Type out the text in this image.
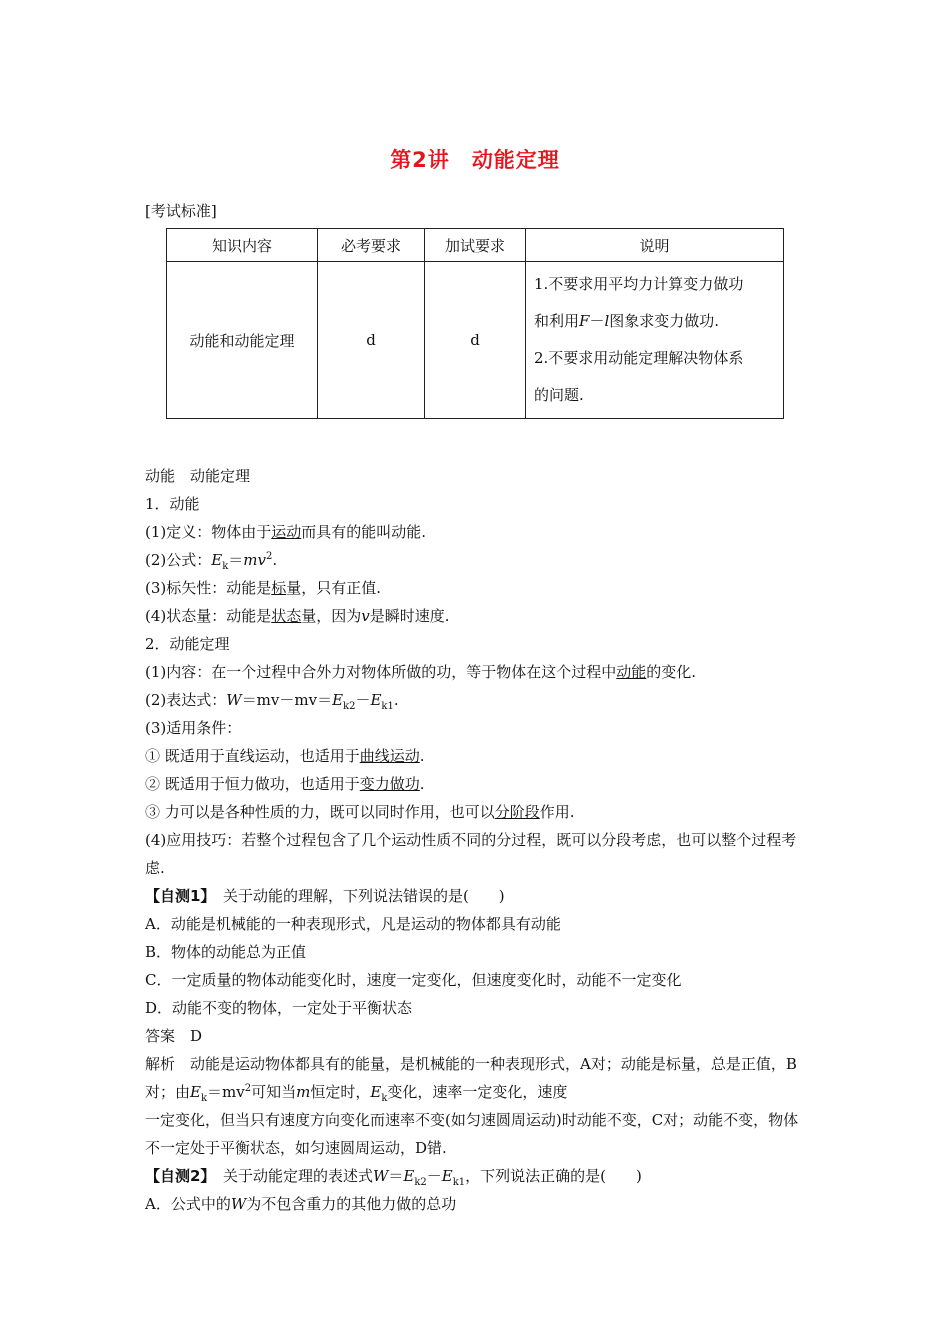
第2讲 动能定理
[考试标准]
知识内容	必考要求	加试要求	说明
动能和动能定理	d	d	1.不要求用平均力计算变力做功
和利用F－l图象求变力做功.
2.不要求用动能定理解决物体系
的问题.

动能　动能定理

1．动能

(1)定义：物体由于运动而具有的能叫动能.

(2)公式：$E_k=mv^2$.

(3)标矢性：动能是标量，只有正值.

(4)状态量：动能是状态量，因为v是瞬时速度.

2．动能定理

(1)内容：在一个过程中合外力对物体所做的功，等于物体在这个过程中动能的变化.

(2)表达式：$W=mv-mv=E_{k2}-E_{k1}$.

(3)适用条件：

① 既适用于直线运动，也适用于曲线运动.

② 既适用于恒力做功，也适用于变力做功.

③ 力可以是各种性质的力，既可以同时作用，也可以分阶段作用.

(4)应用技巧：若整个过程包含了几个运动性质不同的分过程，既可以分段考虑，也可以整个过程考虑.

【自测1】　关于动能的理解，下列说法错误的是(　　)

A．动能是机械能的一种表现形式，凡是运动的物体都具有动能

B．物体的动能总为正值

C．一定质量的物体动能变化时，速度一定变化，但速度变化时，动能不一定变化

D．动能不变的物体，一定处于平衡状态

答案　D

解析　动能是运动物体都具有的能量，是机械能的一种表现形式，A对；动能是标量，总是正值，B对；由$E_k=mv^2$可知当m恒定时，$E_k$变化，速率一定变化，速度

一定变化，但当只有速度方向变化而速率不变(如匀速圆周运动)时动能不变，C对；动能不变，物体不一定处于平衡状态，如匀速圆周运动，D错.

【自测2】　关于动能定理的表述式$W=E_{k2}-E_{k1}$，下列说法正确的是(　　)

A．公式中的W为不包含重力的其他力做的总功
